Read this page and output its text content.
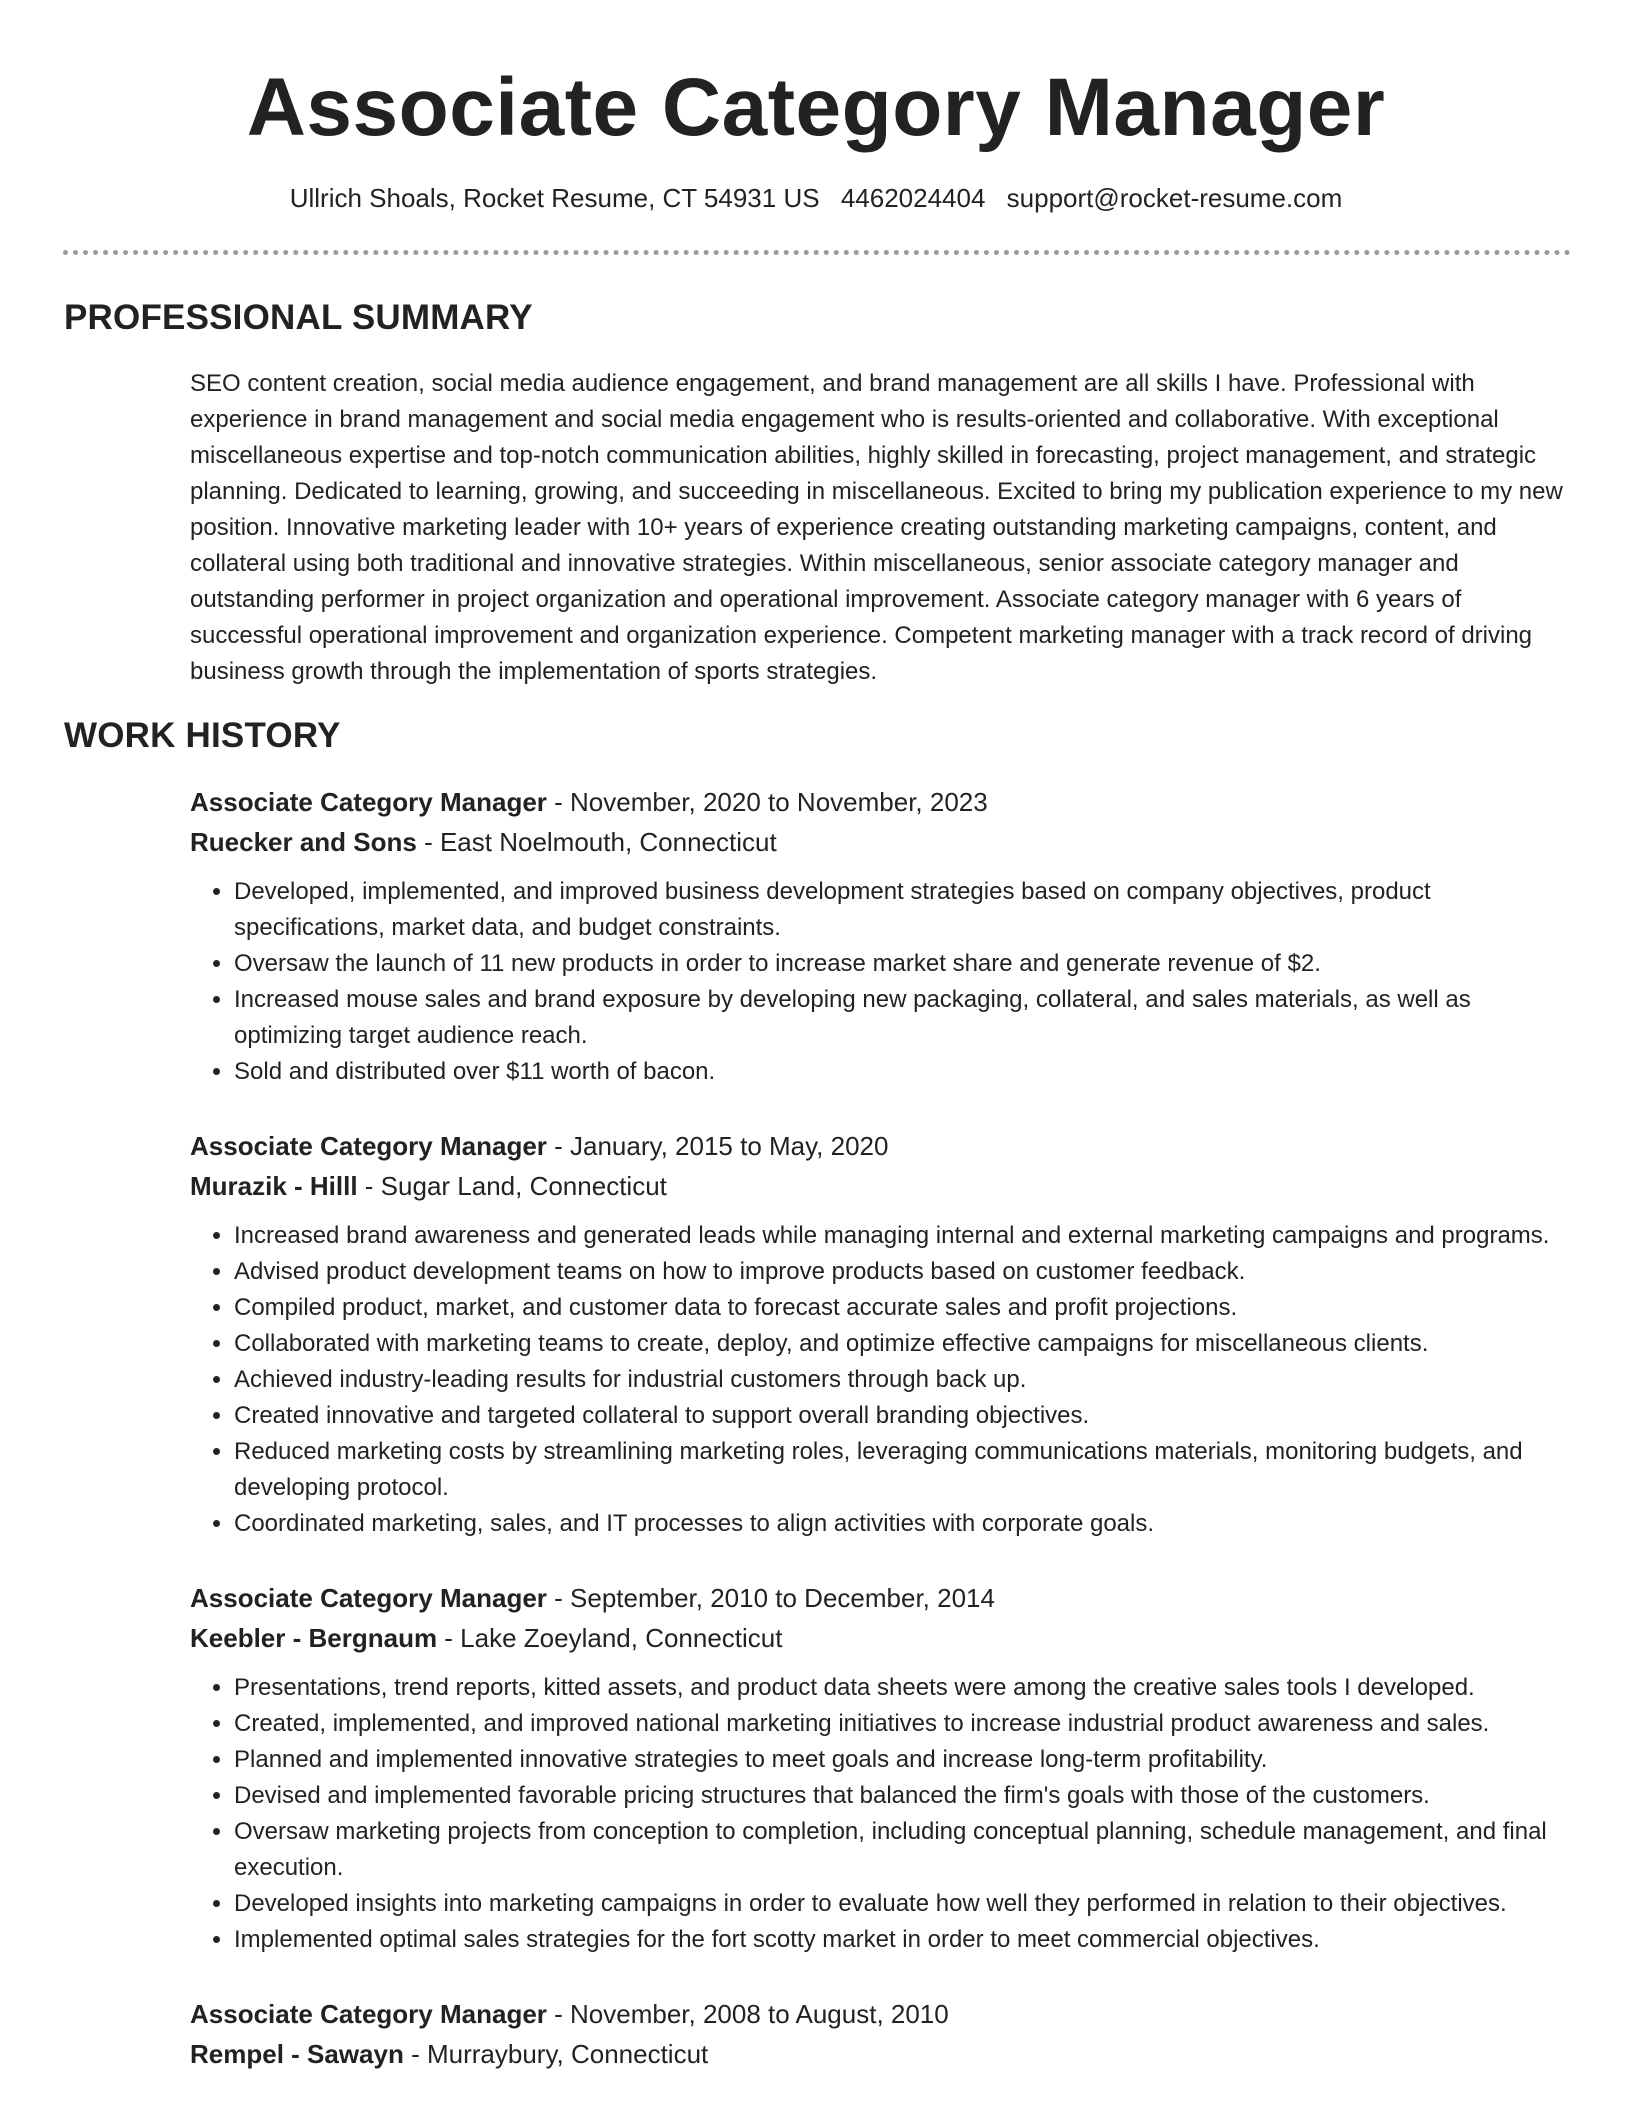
Associate Category Manager
Ullrich Shoals, Rocket Resume, CT 54931 US 4462024404 support@rocket-resume.com
PROFESSIONAL SUMMARY

SEO content creation, social media audience engagement, and brand management are all skills I have. Professional with experience in brand management and social media engagement who is results-oriented and collaborative. With exceptional miscellaneous expertise and top-notch communication abilities, highly skilled in forecasting, project management, and strategic planning. Dedicated to learning, growing, and succeeding in miscellaneous. Excited to bring my publication experience to my new position. Innovative marketing leader with 10+ years of experience creating outstanding marketing campaigns, content, and collateral using both traditional and innovative strategies. Within miscellaneous, senior associate category manager and outstanding performer in project organization and operational improvement. Associate category manager with 6 years of successful operational improvement and organization experience. Competent marketing manager with a track record of driving business growth through the implementation of sports strategies.

WORK HISTORY
Associate Category Manager - November, 2020 to November, 2023
Ruecker and Sons - East Noelmouth, Connecticut
• Developed, implemented, and improved business development strategies based on company objectives, product specifications, market data, and budget constraints.
• Oversaw the launch of 11 new products in order to increase market share and generate revenue of $2.
• Increased mouse sales and brand exposure by developing new packaging, collateral, and sales materials, as well as optimizing target audience reach.
• Sold and distributed over $11 worth of bacon.
Associate Category Manager - January, 2015 to May, 2020
Murazik - Hilll - Sugar Land, Connecticut
• Increased brand awareness and generated leads while managing internal and external marketing campaigns and programs.
• Advised product development teams on how to improve products based on customer feedback.
• Compiled product, market, and customer data to forecast accurate sales and profit projections.
• Collaborated with marketing teams to create, deploy, and optimize effective campaigns for miscellaneous clients.
• Achieved industry-leading results for industrial customers through back up.
• Created innovative and targeted collateral to support overall branding objectives.
• Reduced marketing costs by streamlining marketing roles, leveraging communications materials, monitoring budgets, and developing protocol.
• Coordinated marketing, sales, and IT processes to align activities with corporate goals.
Associate Category Manager - September, 2010 to December, 2014
Keebler - Bergnaum - Lake Zoeyland, Connecticut
• Presentations, trend reports, kitted assets, and product data sheets were among the creative sales tools I developed.
• Created, implemented, and improved national marketing initiatives to increase industrial product awareness and sales.
• Planned and implemented innovative strategies to meet goals and increase long-term profitability.
• Devised and implemented favorable pricing structures that balanced the firm's goals with those of the customers.
• Oversaw marketing projects from conception to completion, including conceptual planning, schedule management, and final execution.
• Developed insights into marketing campaigns in order to evaluate how well they performed in relation to their objectives.
• Implemented optimal sales strategies for the fort scotty market in order to meet commercial objectives.
Associate Category Manager - November, 2008 to August, 2010
Rempel - Sawayn - Murraybury, Connecticut
